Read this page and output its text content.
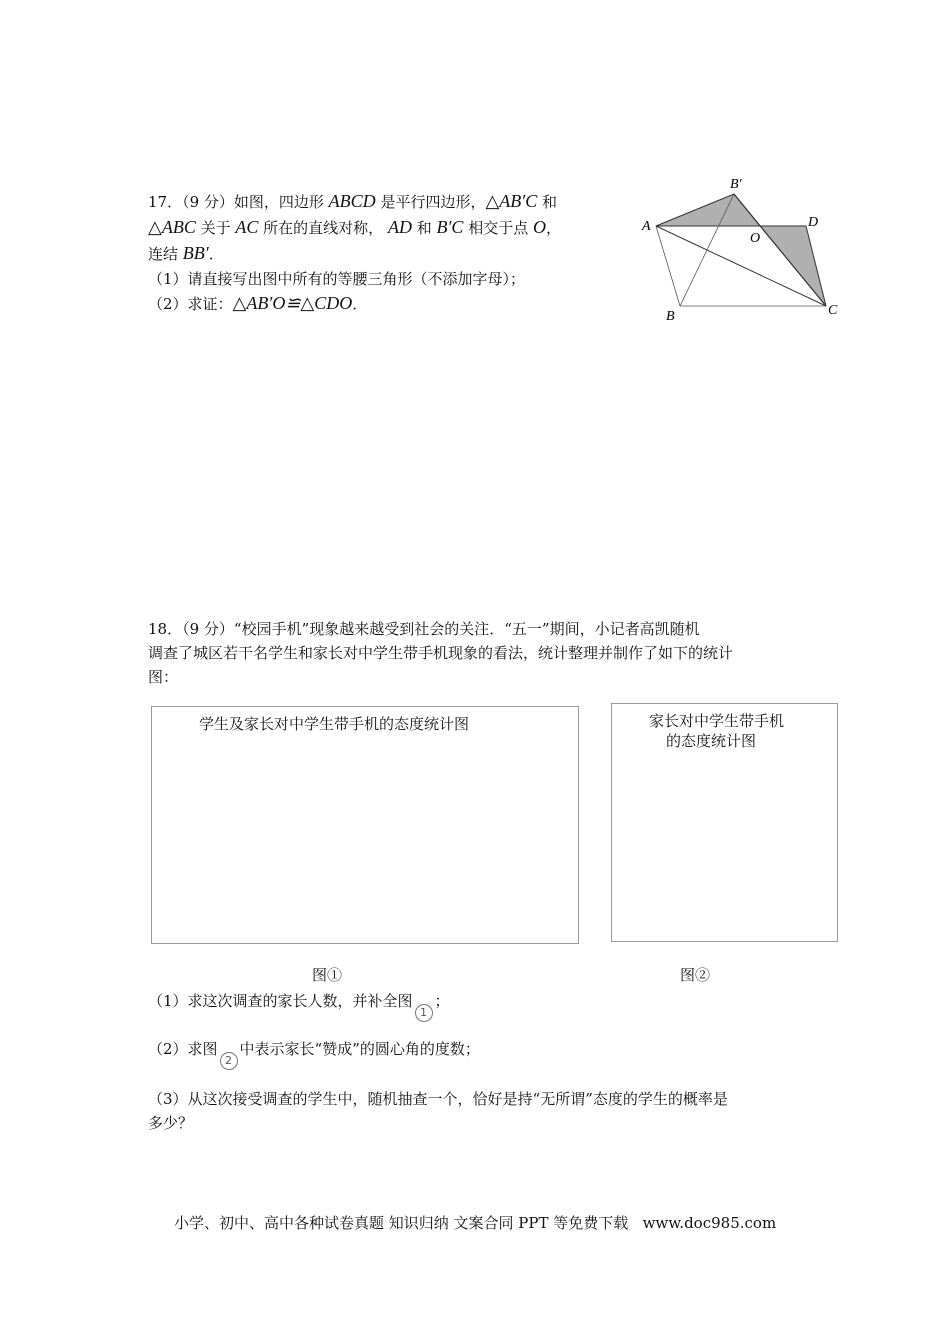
17．（9 分）如图，四边形 ABCD 是平行四边形，△AB′C 和
△ABC 关于 AC 所在的直线对称， AD 和 B′C 相交于点 O，
连结 BB′．
（1）请直接写出图中所有的等腰三角形（不添加字母）；
（2）求证：△AB′O≌△CDO．
A
B′
D
O
B	C
18．（9 分）“校园手机”现象越来越受到社会的关注．“五一”期间，小记者高凯随机
调查了城区若干名学生和家长对中学生带手机现象的看法，统计整理并制作了如下的统计
图：
学生及家长对中学生带手机的态度统计图	家长对中学生带手机
的态度统计图
图①	图②
（1）求这次调查的家长人数，并补全图1；
（2）求图2中表示家长“赞成”的圆心角的度数；
（3）从这次接受调查的学生中，随机抽查一个，恰好是持“无所谓”态度的学生的概率是
多少？
小学、初中、高中各种试卷真题 知识归纳 文案合同 PPT 等免费下载   www.doc985.com
